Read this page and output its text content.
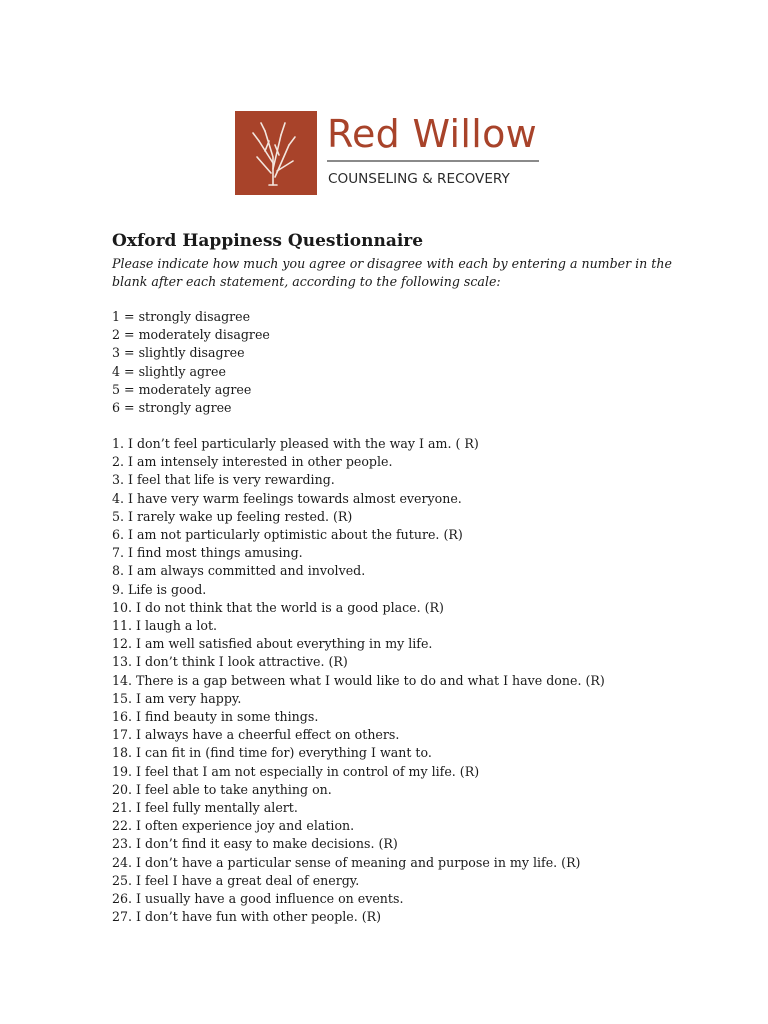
Red Willow
COUNSELING & RECOVERY
Oxford Happiness Questionnaire

Please indicate how much you agree or disagree with each by entering a number in the

blank after each statement, according to the following scale:

1 = strongly disagree
2 = moderately disagree
3 = slightly disagree
4 = slightly agree
5 = moderately agree
6 = strongly agree
1. I don’t feel particularly pleased with the way I am. ( R)
2. I am intensely interested in other people.
3. I feel that life is very rewarding.
4. I have very warm feelings towards almost everyone.
5. I rarely wake up feeling rested. (R)
6. I am not particularly optimistic about the future. (R)
7. I find most things amusing.
8. I am always committed and involved.
9. Life is good.
10. I do not think that the world is a good place. (R)
11. I laugh a lot.
12. I am well satisfied about everything in my life.
13. I don’t think I look attractive. (R)
14. There is a gap between what I would like to do and what I have done. (R)
15. I am very happy.
16. I find beauty in some things.
17. I always have a cheerful effect on others.
18. I can fit in (find time for) everything I want to.
19. I feel that I am not especially in control of my life. (R)
20. I feel able to take anything on.
21. I feel fully mentally alert.
22. I often experience joy and elation.
23. I don’t find it easy to make decisions. (R)
24. I don’t have a particular sense of meaning and purpose in my life. (R)
25. I feel I have a great deal of energy.
26. I usually have a good influence on events.
27. I don’t have fun with other people. (R)
